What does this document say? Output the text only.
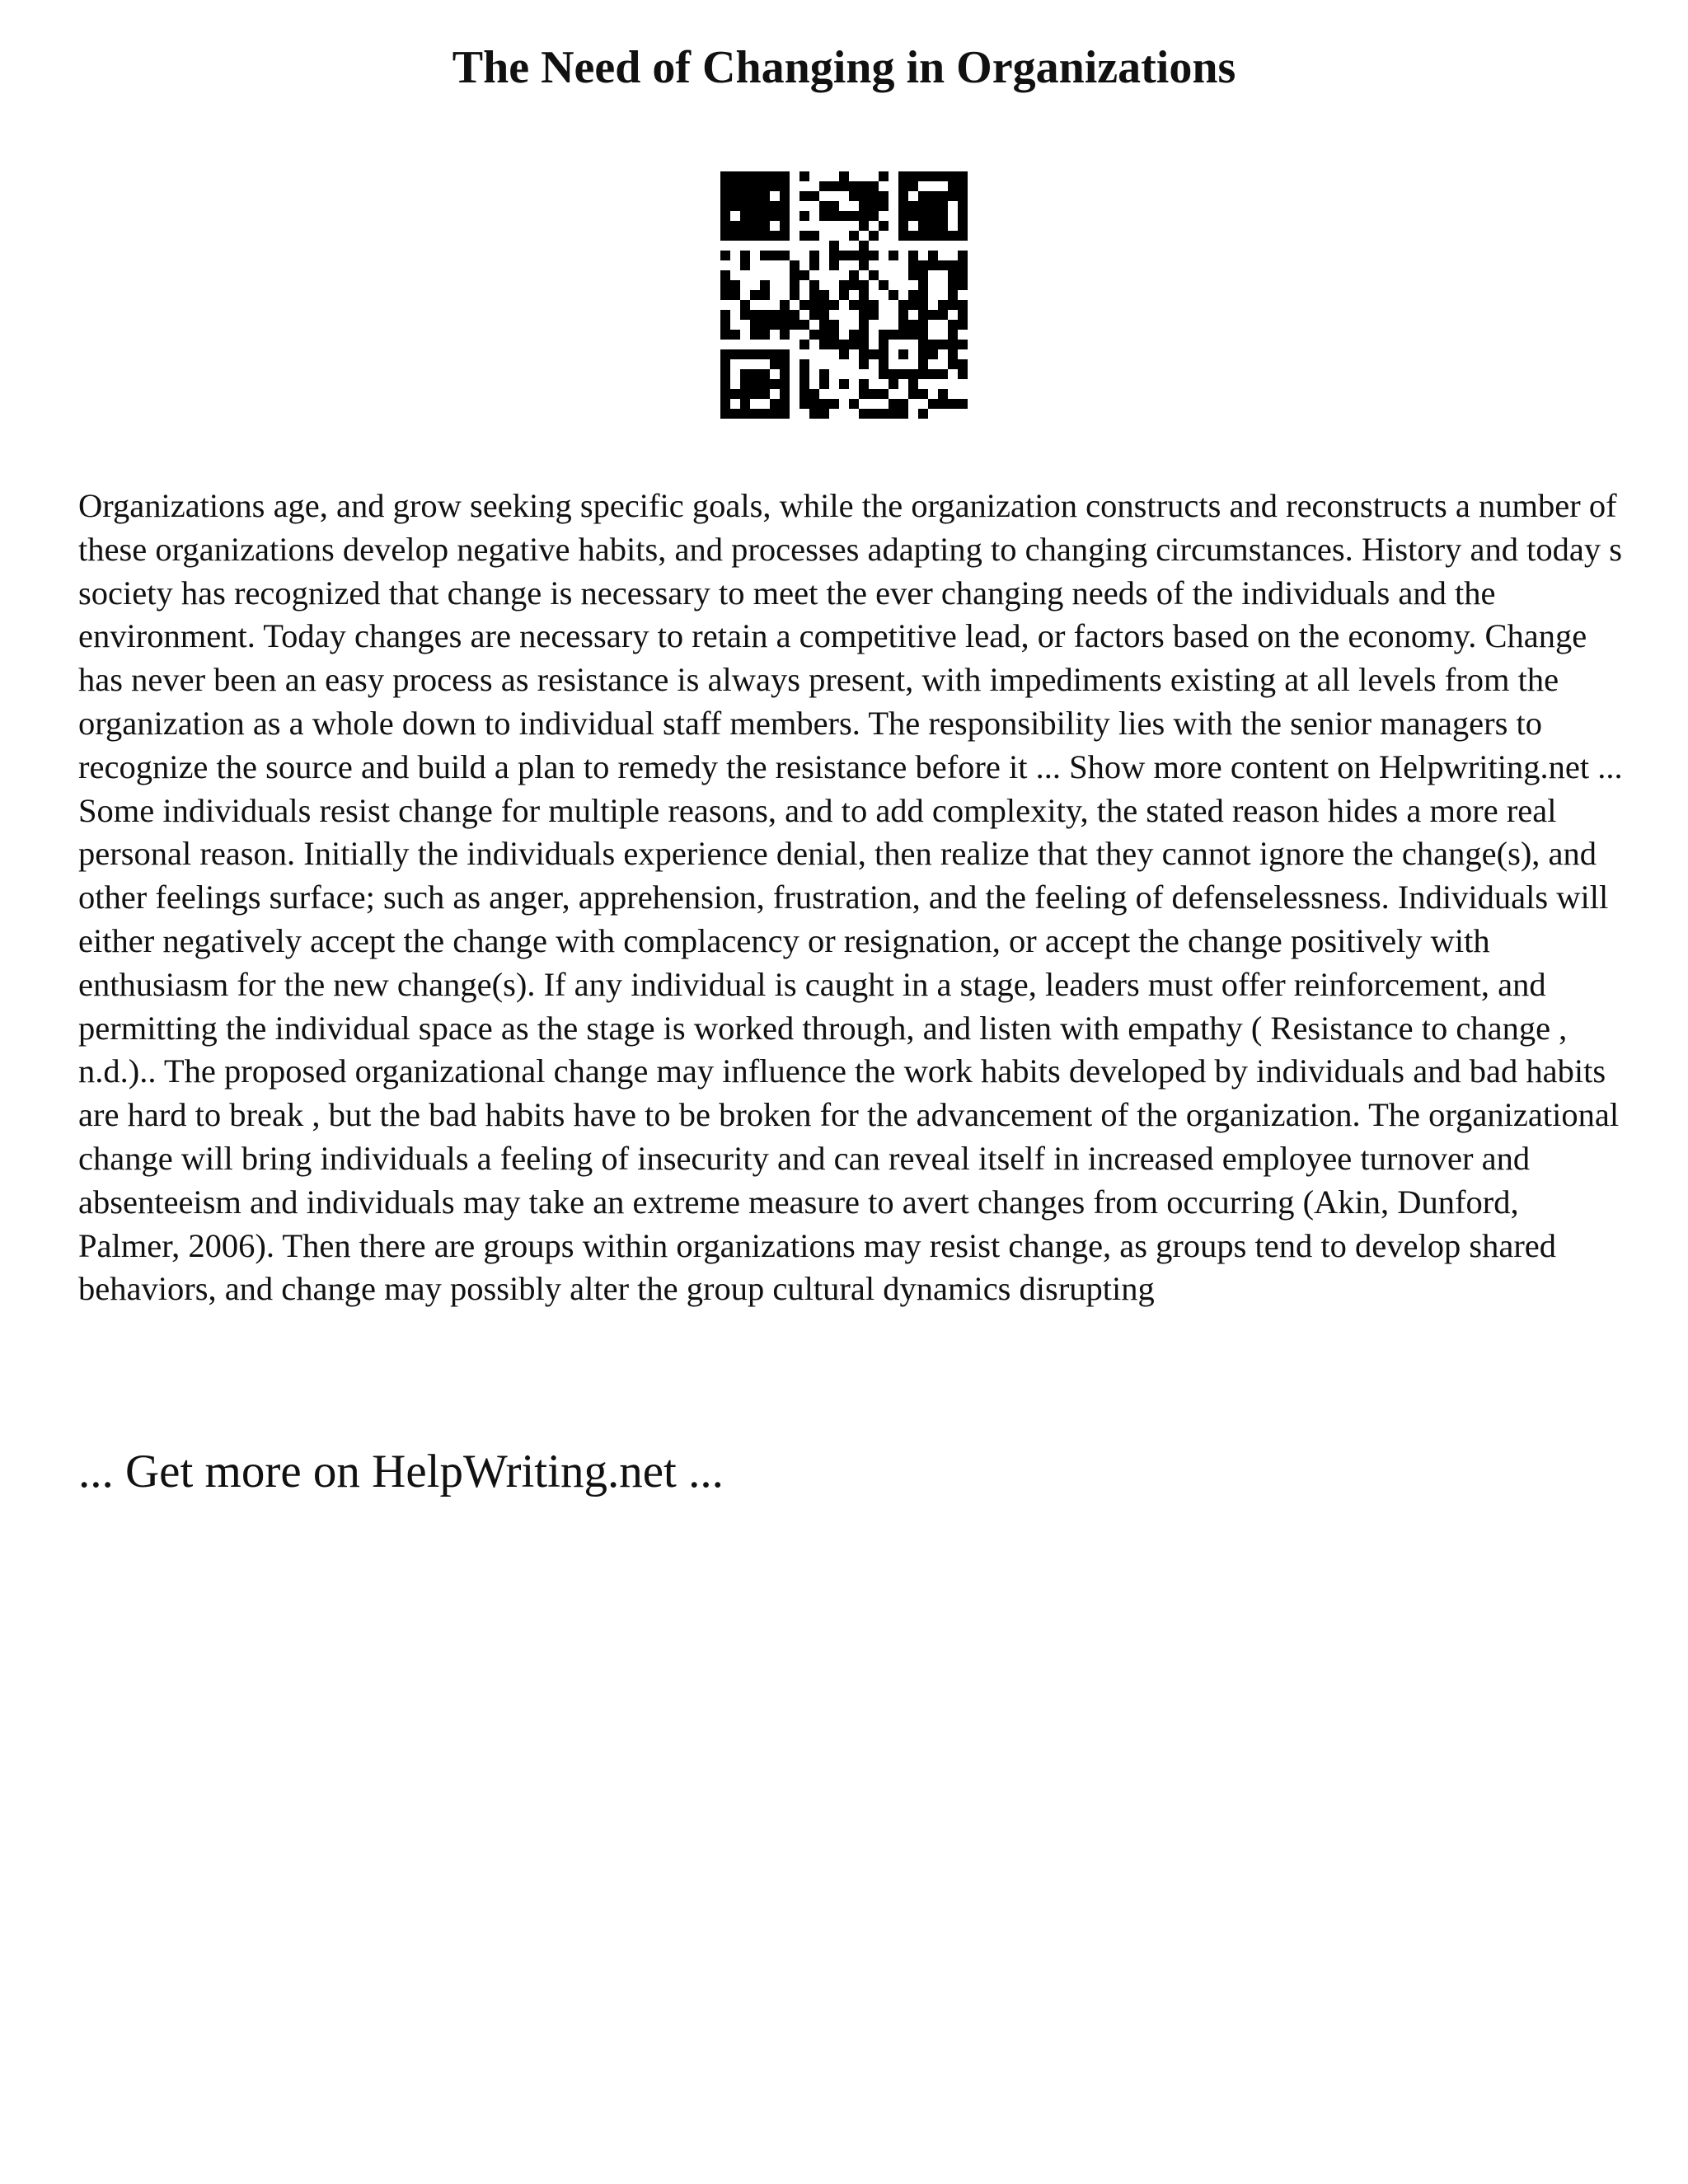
The Need of Changing in Organizations

Organizations age, and grow seeking specific goals, while the organization constructs and reconstructs a number of these organizations develop negative habits, and processes adapting to changing circumstances. History and today s society has recognized that change is necessary to meet the ever changing needs of the individuals and the environment. Today changes are necessary to retain a competitive lead, or factors based on the economy. Change has never been an easy process as resistance is always present, with impediments existing at all levels from the organization as a whole down to individual staff members. The responsibility lies with the senior managers to recognize the source and build a plan to remedy the resistance before it ... Show more content on Helpwriting.net ... Some individuals resist change for multiple reasons, and to add complexity, the stated reason hides a more real personal reason. Initially the individuals experience denial, then realize that they cannot ignore the change(s), and other feelings surface; such as anger, apprehension, frustration, and the feeling of defenselessness. Individuals will either negatively accept the change with complacency or resignation, or accept the change positively with enthusiasm for the new change(s). If any individual is caught in a stage, leaders must offer reinforcement, and permitting the individual space as the stage is worked through, and listen with empathy ( Resistance to change , n.d.).. The proposed organizational change may influence the work habits developed by individuals and bad habits are hard to break , but the bad habits have to be broken for the advancement of the organization. The organizational change will bring individuals a feeling of insecurity and can reveal itself in increased employee turnover and absenteeism and individuals may take an extreme measure to avert changes from occurring (Akin, Dunford, Palmer, 2006). Then there are groups within organizations may resist change, as groups tend to develop shared behaviors, and change may possibly alter the group cultural dynamics disrupting

... Get more on HelpWriting.net ...
